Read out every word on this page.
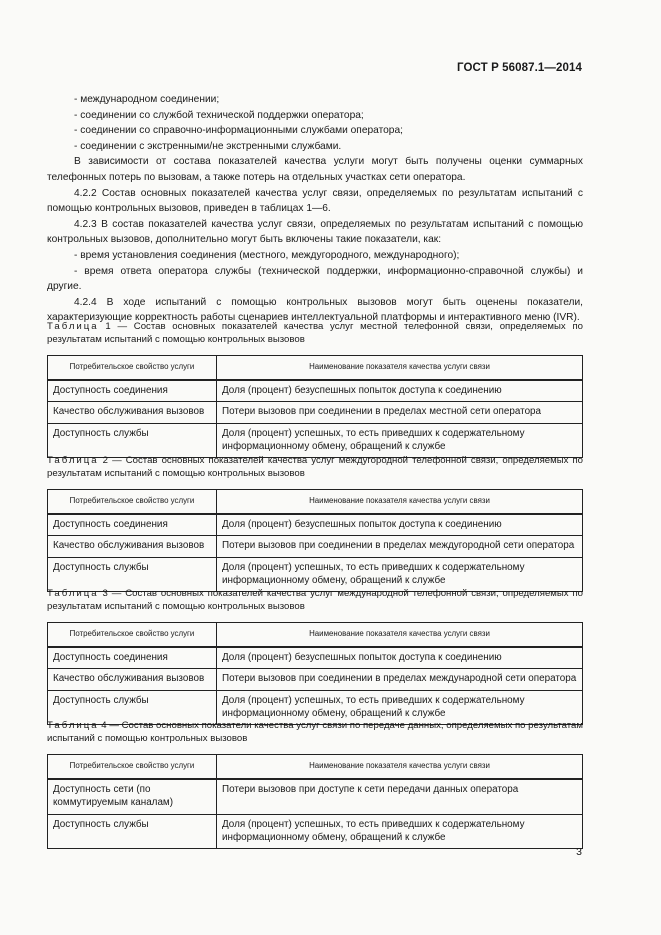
ГОСТ Р 56087.1—2014

- международном соединении;

- соединении со службой технической поддержки оператора;

- соединении со справочно-информационными службами оператора;

- соединении с экстренными/не экстренными службами.

В зависимости от состава показателей качества услуги могут быть получены оценки суммарных телефонных потерь по вызовам, а также потерь на отдельных участках сети оператора.

4.2.2 Состав основных показателей качества услуг связи, определяемых по результатам испытаний с помощью контрольных вызовов, приведен в таблицах 1—6.

4.2.3 В состав показателей качества услуг связи, определяемых по результатам испытаний с помощью контрольных вызовов, дополнительно могут быть включены такие показатели, как:

- время установления соединения (местного, междугородного, международного);

- время ответа оператора службы (технической поддержки, информационно-справочной службы) и другие.

4.2.4 В ходе испытаний с помощью контрольных вызовов могут быть оценены показатели, характеризующие корректность работы сценариев интеллектуальной платформы и интерактивного меню (IVR).

Таблица 1 — Состав основных показателей качества услуг местной телефонной связи, определяемых по результатам испытаний с помощью контрольных вызовов

Потребительское свойство услуги	Наименование показателя качества услуги связи
Доступность соединения	Доля (процент) безуспешных попыток доступа к соединению
Качество обслуживания вызовов	Потери вызовов при соединении в пределах местной сети оператора
Доступность службы	Доля (процент) успешных, то есть приведших к содержательному информационному обмену, обращений к службе

Таблица 2 — Состав основных показателей качества услуг междугородной телефонной связи, определяемых по результатам испытаний с помощью контрольных вызовов

Потребительское свойство услуги	Наименование показателя качества услуги связи
Доступность соединения	Доля (процент) безуспешных попыток доступа к соединению
Качество обслуживания вызовов	Потери вызовов при соединении в пределах междугородной сети оператора
Доступность службы	Доля (процент) успешных, то есть приведших к содержательному информационному обмену, обращений к службе

Таблица 3 — Состав основных показателей качества услуг международной телефонной связи, определяемых по результатам испытаний с помощью контрольных вызовов

Потребительское свойство услуги	Наименование показателя качества услуги связи
Доступность соединения	Доля (процент) безуспешных попыток доступа к соединению
Качество обслуживания вызовов	Потери вызовов при соединении в пределах международной сети оператора
Доступность службы	Доля (процент) успешных, то есть приведших к содержательному информационному обмену, обращений к службе

Таблица 4 — Состав основных показатели качества услуг связи по передаче данных, определяемых по результатам испытаний с помощью контрольных вызовов

Потребительское свойство услуги	Наименование показателя качества услуги связи
Доступность сети (по коммутируемым каналам)	Потери вызовов при доступе к сети передачи данных оператора
Доступность службы	Доля (процент) успешных, то есть приведших к содержательному информационному обмену, обращений к службе
3
